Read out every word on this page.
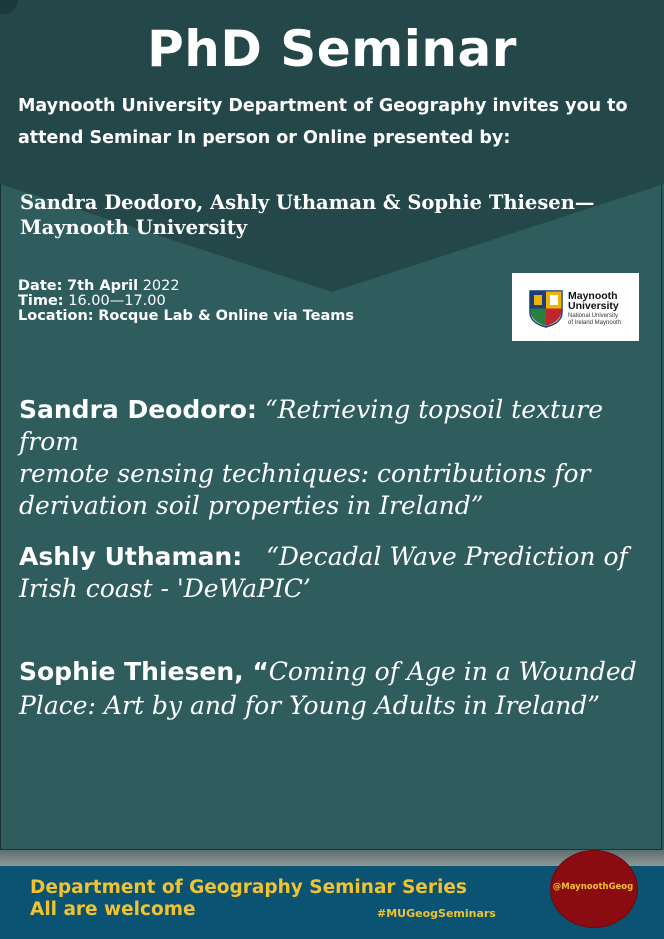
PhD Seminar
Maynooth University Department of Geography invites you to
attend Seminar In person or Online presented by:
Sandra Deodoro, Ashly Uthaman & Sophie Thiesen—
Maynooth University
Date: 7th April 2022
Time: 16.00—17.00
Location: Rocque Lab & Online via Teams
Maynooth
University
National University
of Ireland Maynooth
Sandra Deodoro: “Retrieving topsoil texture from
remote sensing techniques: contributions for
derivation soil properties in Ireland”
Ashly Uthaman: “Decadal Wave Prediction of
Irish coast - 'DeWaPIC’
Sophie Thiesen, “Coming of Age in a Wounded
Place: Art by and for Young Adults in Ireland”
Department of Geography Seminar Series
All are welcome	#MUGeogSeminars
@MaynoothGeog
